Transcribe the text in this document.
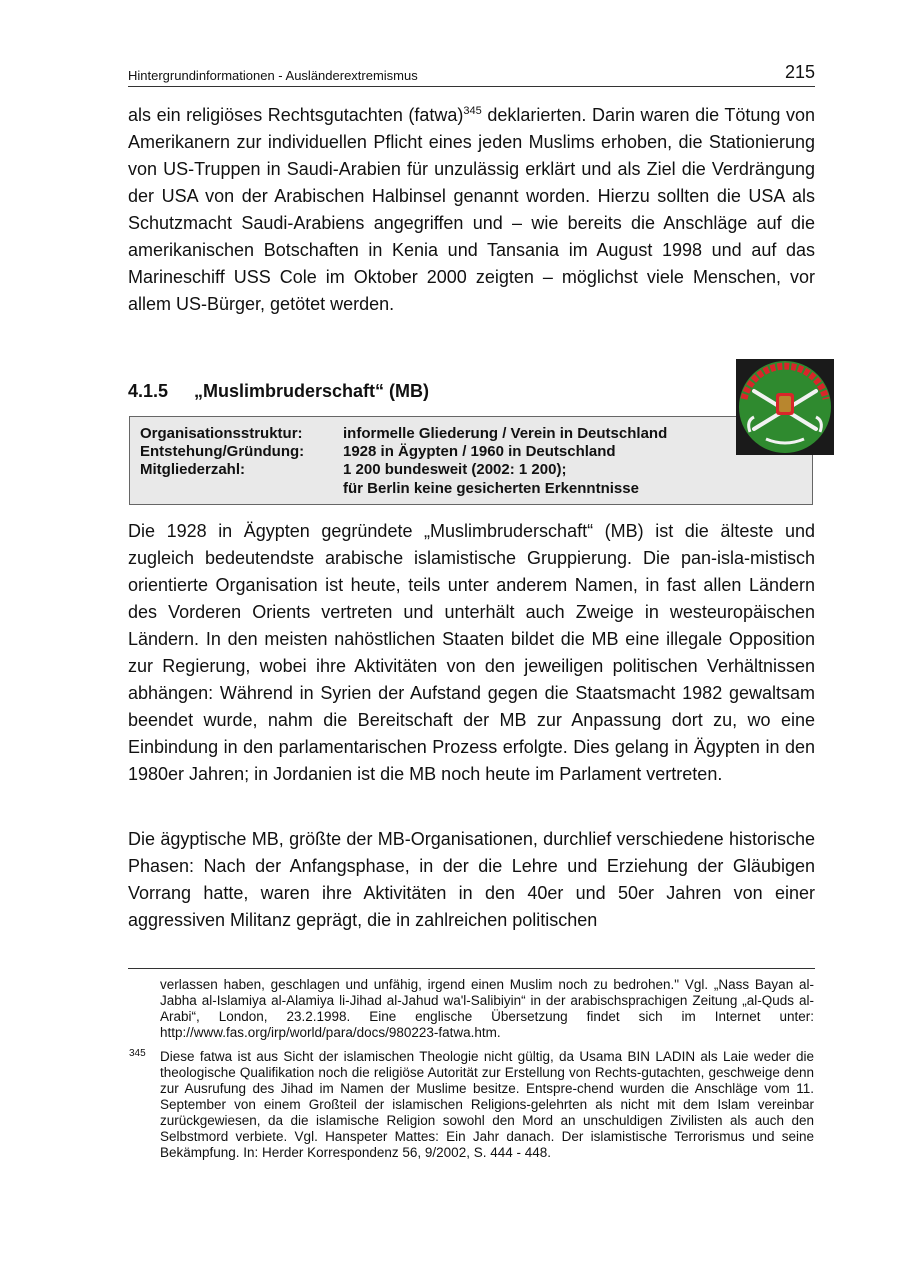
Hintergrundinformationen - Ausländerextremismus	215

als ein religiöses Rechtsgutachten (fatwa)$^{345}$ deklarierten. Darin waren die Tötung von Amerikanern zur individuellen Pflicht eines jeden Muslims erhoben, die Stationierung von US-Truppen in Saudi-Arabien für unzulässig erklärt und als Ziel die Verdrängung der USA von der Arabischen Halbinsel genannt worden. Hierzu sollten die USA als Schutzmacht Saudi-Arabiens angegriffen und – wie bereits die Anschläge auf die amerikanischen Botschaften in Kenia und Tansania im August 1998 und auf das Marineschiff USS Cole im Oktober 2000 zeigten – möglichst viele Menschen, vor allem US-Bürger, getötet werden.

4.1.5 „Muslimbruderschaft“ (MB)
Organisationsstruktur:	informelle Gliederung / Verein in Deutschland
Entstehung/Gründung:	1928 in Ägypten / 1960 in Deutschland
Mitgliederzahl:	1 200 bundesweit (2002: 1 200);
für Berlin keine gesicherten Erkenntnisse

Die 1928 in Ägypten gegründete „Muslimbruderschaft“ (MB) ist die älteste und zugleich bedeutendste arabische islamistische Gruppierung. Die pan-isla-mistisch orientierte Organisation ist heute, teils unter anderem Namen, in fast allen Ländern des Vorderen Orients vertreten und unterhält auch Zweige in westeuropäischen Ländern. In den meisten nahöstlichen Staaten bildet die MB eine illegale Opposition zur Regierung, wobei ihre Aktivitäten von den jeweiligen politischen Verhältnissen abhängen: Während in Syrien der Aufstand gegen die Staatsmacht 1982 gewaltsam beendet wurde, nahm die Bereitschaft der MB zur Anpassung dort zu, wo eine Einbindung in den parlamentarischen Prozess erfolgte. Dies gelang in Ägypten in den 1980er Jahren; in Jordanien ist die MB noch heute im Parlament vertreten.

Die ägyptische MB, größte der MB-Organisationen, durchlief verschiedene historische Phasen: Nach der Anfangsphase, in der die Lehre und Erziehung der Gläubigen Vorrang hatte, waren ihre Aktivitäten in den 40er und 50er Jahren von einer aggressiven Militanz geprägt, die in zahlreichen politischen

verlassen haben, geschlagen und unfähig, irgend einen Muslim noch zu bedrohen." Vgl. „Nass Bayan al-Jabha al-Islamiya al-Alamiya li-Jihad al-Jahud wa'l-Salibiyin“ in der arabischsprachigen Zeitung „al-Quds al-Arabi“, London, 23.2.1998. Eine englische Übersetzung findet sich im Internet unter: http://www.fas.org/irp/world/para/docs/980223-fatwa.htm.

345 Diese fatwa ist aus Sicht der islamischen Theologie nicht gültig, da Usama BIN LADIN als Laie weder die theologische Qualifikation noch die religiöse Autorität zur Erstellung von Rechts-gutachten, geschweige denn zur Ausrufung des Jihad im Namen der Muslime besitze. Entspre-chend wurden die Anschläge vom 11. September von einem Großteil der islamischen Religions-gelehrten als nicht mit dem Islam vereinbar zurückgewiesen, da die islamische Religion sowohl den Mord an unschuldigen Zivilisten als auch den Selbstmord verbiete. Vgl. Hanspeter Mattes: Ein Jahr danach. Der islamistische Terrorismus und seine Bekämpfung. In: Herder Korrespondenz 56, 9/2002, S. 444 - 448.
